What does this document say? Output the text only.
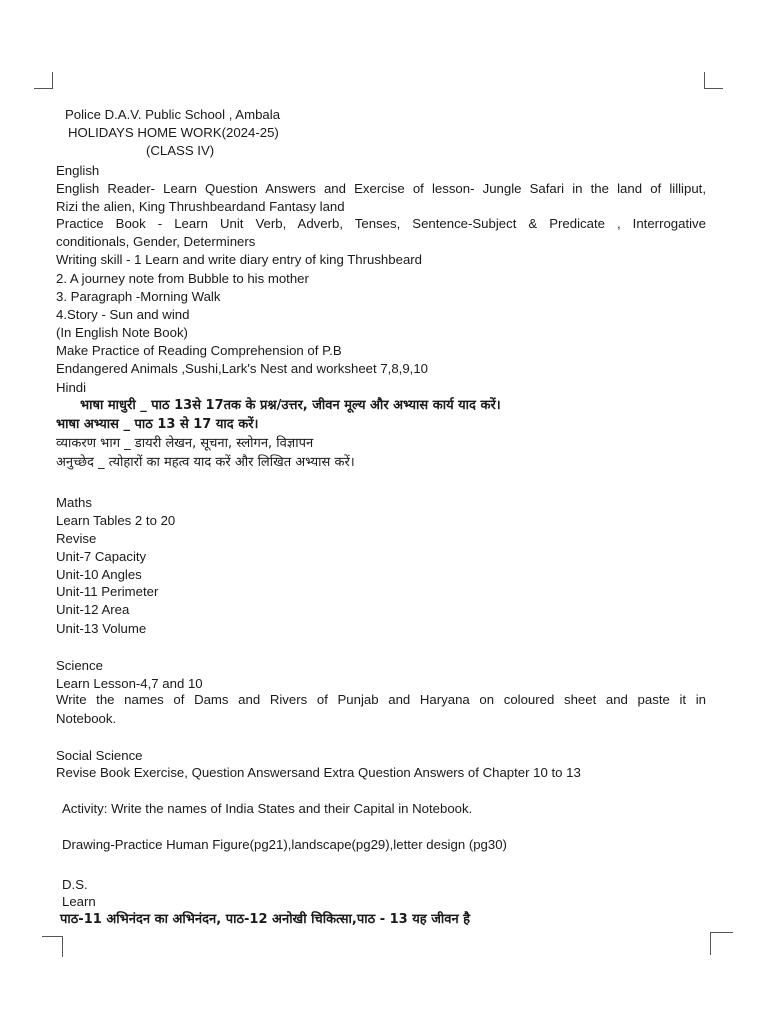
Police D.A.V. Public School , Ambala
HOLIDAYS HOME WORK(2024-25)
(CLASS IV)
English
English Reader- Learn Question Answers and Exercise of lesson- Jungle Safari in the land of lilliput,
Rizi the alien, King Thrushbeardand Fantasy land
Practice Book - Learn Unit Verb, Adverb, Tenses, Sentence-Subject & Predicate , Interrogative
conditionals, Gender, Determiners
Writing skill - 1 Learn and write diary entry of king Thrushbeard
2. A journey note from Bubble to his mother
3. Paragraph -Morning Walk
4.Story - Sun and wind
(In English Note Book)
Make Practice of Reading Comprehension of P.B
Endangered Animals ,Sushi,Lark's Nest and worksheet 7,8,9,10
Hindi
भाषा माधुरी _ पाठ 13से 17तक के प्रश्न/उत्तर, जीवन मूल्य और अभ्यास कार्य याद करें।
भाषा अभ्यास _ पाठ 13 से 17 याद करें।
व्याकरण भाग _ डायरी लेखन, सूचना, स्लोगन, विज्ञापन
अनुच्छेद _ त्योहारों का महत्व याद करें और लिखित अभ्यास करें।
Maths
Learn Tables 2 to 20
Revise
Unit-7 Capacity
Unit-10 Angles
Unit-11 Perimeter
Unit-12 Area
Unit-13 Volume
Science
Learn Lesson-4,7 and 10
Write the names of Dams and Rivers of Punjab and Haryana on coloured sheet and paste it in
Notebook.
Social Science
Revise Book Exercise, Question Answersand Extra Question Answers of Chapter 10 to 13
Activity: Write the names of India States and their Capital in Notebook.
Drawing-Practice Human Figure(pg21),landscape(pg29),letter design (pg30)
D.S.
Learn
पाठ-11 अभिनंदन का अभिनंदन, पाठ-12 अनोखी चिकित्सा,पाठ - 13 यह जीवन है
